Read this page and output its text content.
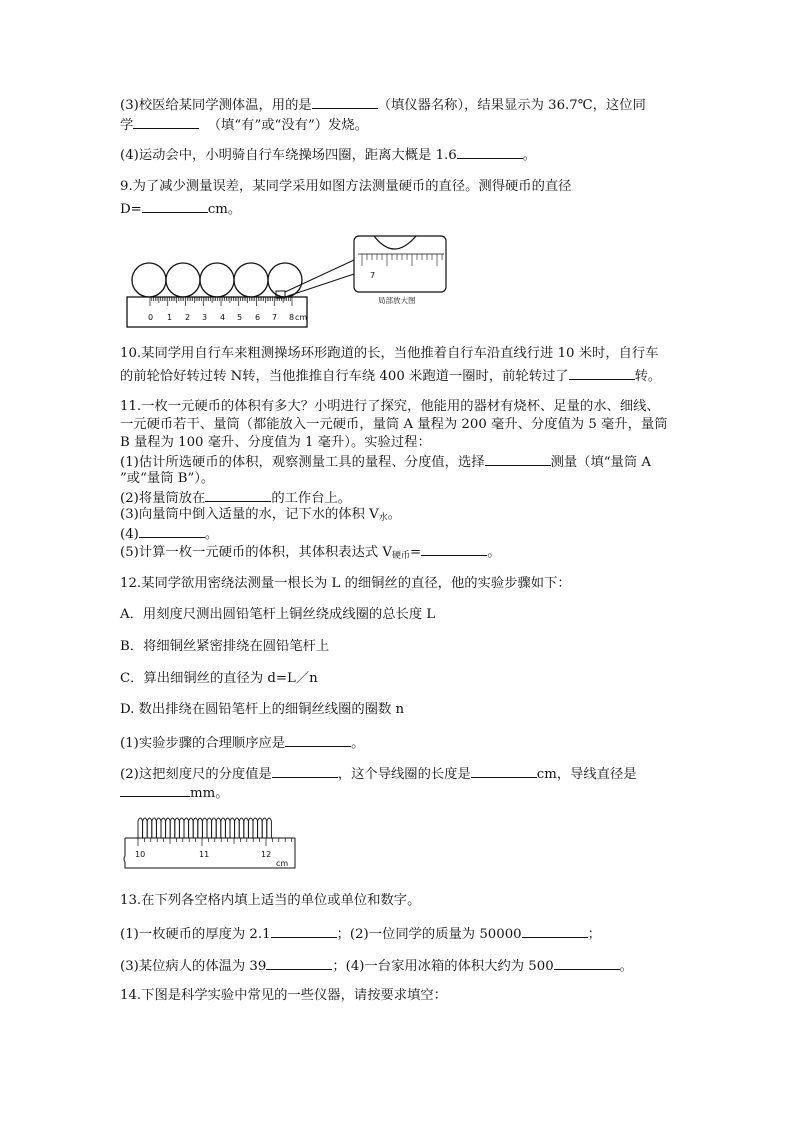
(3)校医给某同学测体温，用的是	（填仪器名称），结果显示为 36.7℃，这位同
学	（填“有”或“没有”）发烧。
(4)运动会中，小明骑自行车绕操场四圈，距离大概是 1.6	。
9.为了减少测量误差，某同学采用如图方法测量硬币的直径。测得硬币的直径
D=	cm。
0 1 2 3 4 5 6 7 8 cm
7
局部放大图
10.某同学用自行车来粗测操场环形跑道的长，当他推着自行车沿直线行进 10 米时，自行车
的前轮恰好转过转 N转，当他推推自行车绕 400 米跑道一圈时，前轮转过了	转。
11.一枚一元硬币的体积有多大？小明进行了探究，他能用的器材有烧杯、足量的水、细线、
一元硬币若干、量筒（都能放入一元硬币，量筒 A 量程为 200 毫升、分度值为 5 毫升，量筒
B 量程为 100 毫升、分度值为 1 毫升）。实验过程：
(1)估计所选硬币的体积，观察测量工具的量程、分度值，选择	测量（填“量筒 A
”或“量筒 B”）。
(2)将量筒放在	的工作台上。
(3)向量筒中倒入适量的水，记下水的体积 $V_水$。
(4)	。
(5)计算一枚一元硬币的体积，其体积表达式 $V_{硬币}=$	。
12.某同学欲用密绕法测量一根长为 L 的细铜丝的直径，他的实验步骤如下：
A．用刻度尺测出圆铅笔杆上铜丝绕成线圈的总长度 L
B．将细铜丝紧密排绕在圆铅笔杆上
C．算出细铜丝的直径为 d=L／n
D. 数出排绕在圆铅笔杆上的细铜丝线圈的圈数 n
(1)实验步骤的合理顺序应是	。
(2)这把刻度尺的分度值是	，这个导线圈的长度是	cm，导线直径是
mm。
10	11	12
cm
13.在下列各空格内填上适当的单位或单位和数字。
(1)一枚硬币的厚度为 2.1	；(2)一位同学的质量为 50000	；
(3)某位病人的体温为 39	；(4)一台家用冰箱的体积大约为 500	。
14.下图是科学实验中常见的一些仪器，请按要求填空：
